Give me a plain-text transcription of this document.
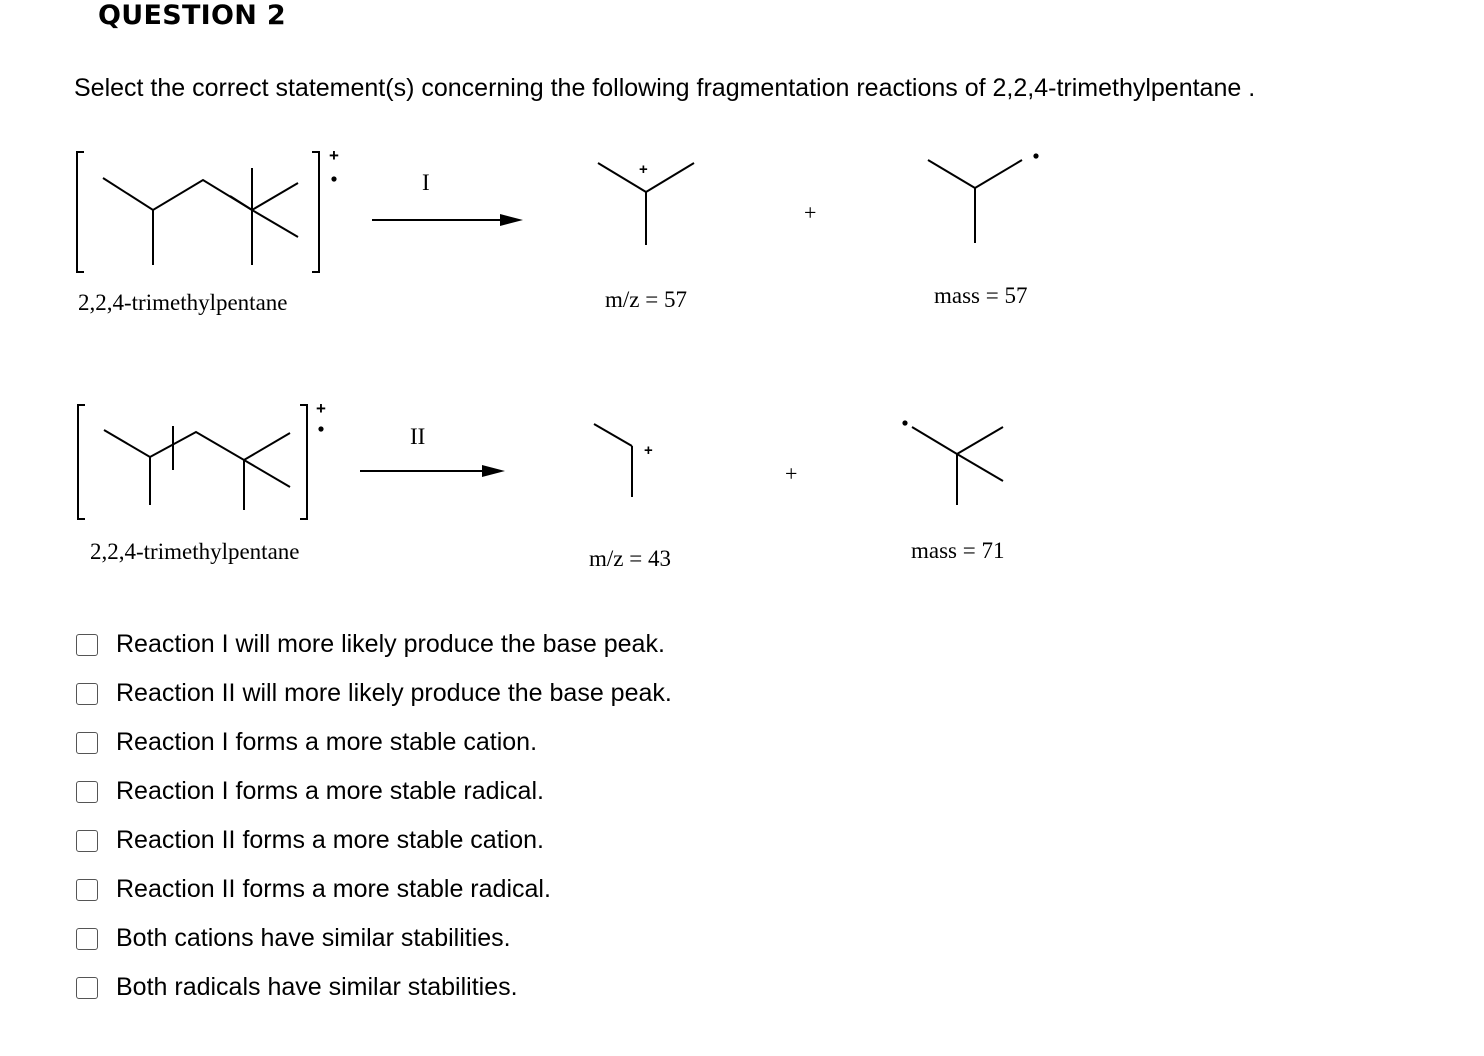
QUESTION 2
Select the correct statement(s) concerning the following fragmentation reactions of 2,2,4-trimethylpentane .
+
+
+
+
+
+
I
2,2,4-trimethylpentane	m/z = 57	mass = 57
II
2,2,4-trimethylpentane	m/z = 43	mass = 71
Reaction I will more likely produce the base peak.
Reaction II will more likely produce the base peak.
Reaction I forms a more stable cation.
Reaction I forms a more stable radical.
Reaction II forms a more stable cation.
Reaction II forms a more stable radical.
Both cations have similar stabilities.
Both radicals have similar stabilities.
